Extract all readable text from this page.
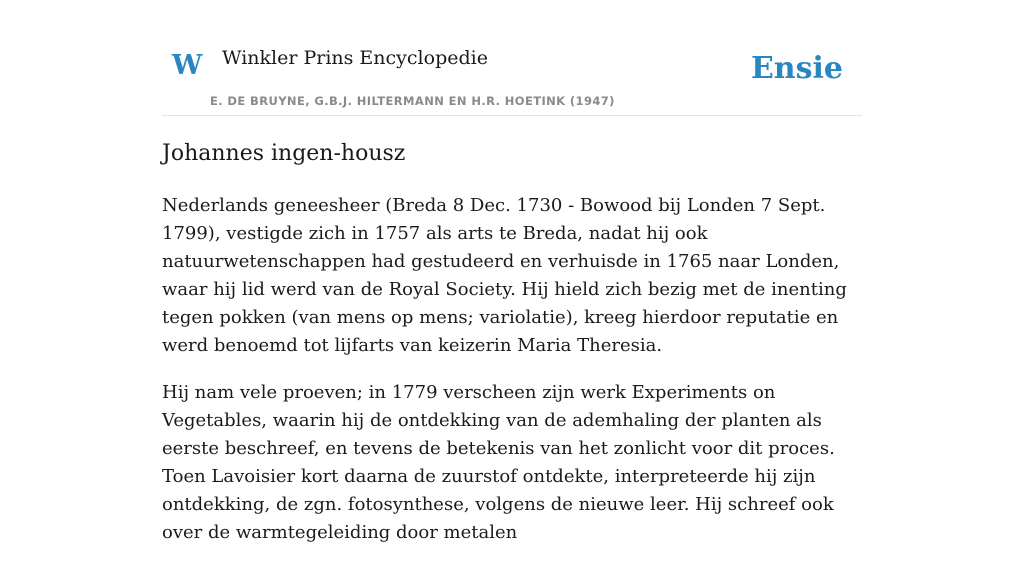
W Winkler Prins Encyclopedie
E. DE BRUYNE, G.B.J. HILTERMANN EN H.R. HOETINK (1947)
Ensie
Johannes ingen-housz

Nederlands geneesheer (Breda 8 Dec. 1730 - Bowood bij Londen 7 Sept. 1799), vestigde zich in 1757 als arts te Breda, nadat hij ook natuurwetenschappen had gestudeerd en verhuisde in 1765 naar Londen, waar hij lid werd van de Royal Society. Hij hield zich bezig met de inenting tegen pokken (van mens op mens; variolatie), kreeg hierdoor reputatie en werd benoemd tot lijfarts van keizerin Maria Theresia.

Hij nam vele proeven; in 1779 verscheen zijn werk Experiments on Vegetables, waarin hij de ontdekking van de ademhaling der planten als eerste beschreef, en tevens de betekenis van het zonlicht voor dit proces. Toen Lavoisier kort daarna de zuurstof ontdekte, interpreteerde hij zijn ontdekking, de zgn. fotosynthese, volgens de nieuwe leer. Hij schreef ook over de warmtegeleiding door metalen
